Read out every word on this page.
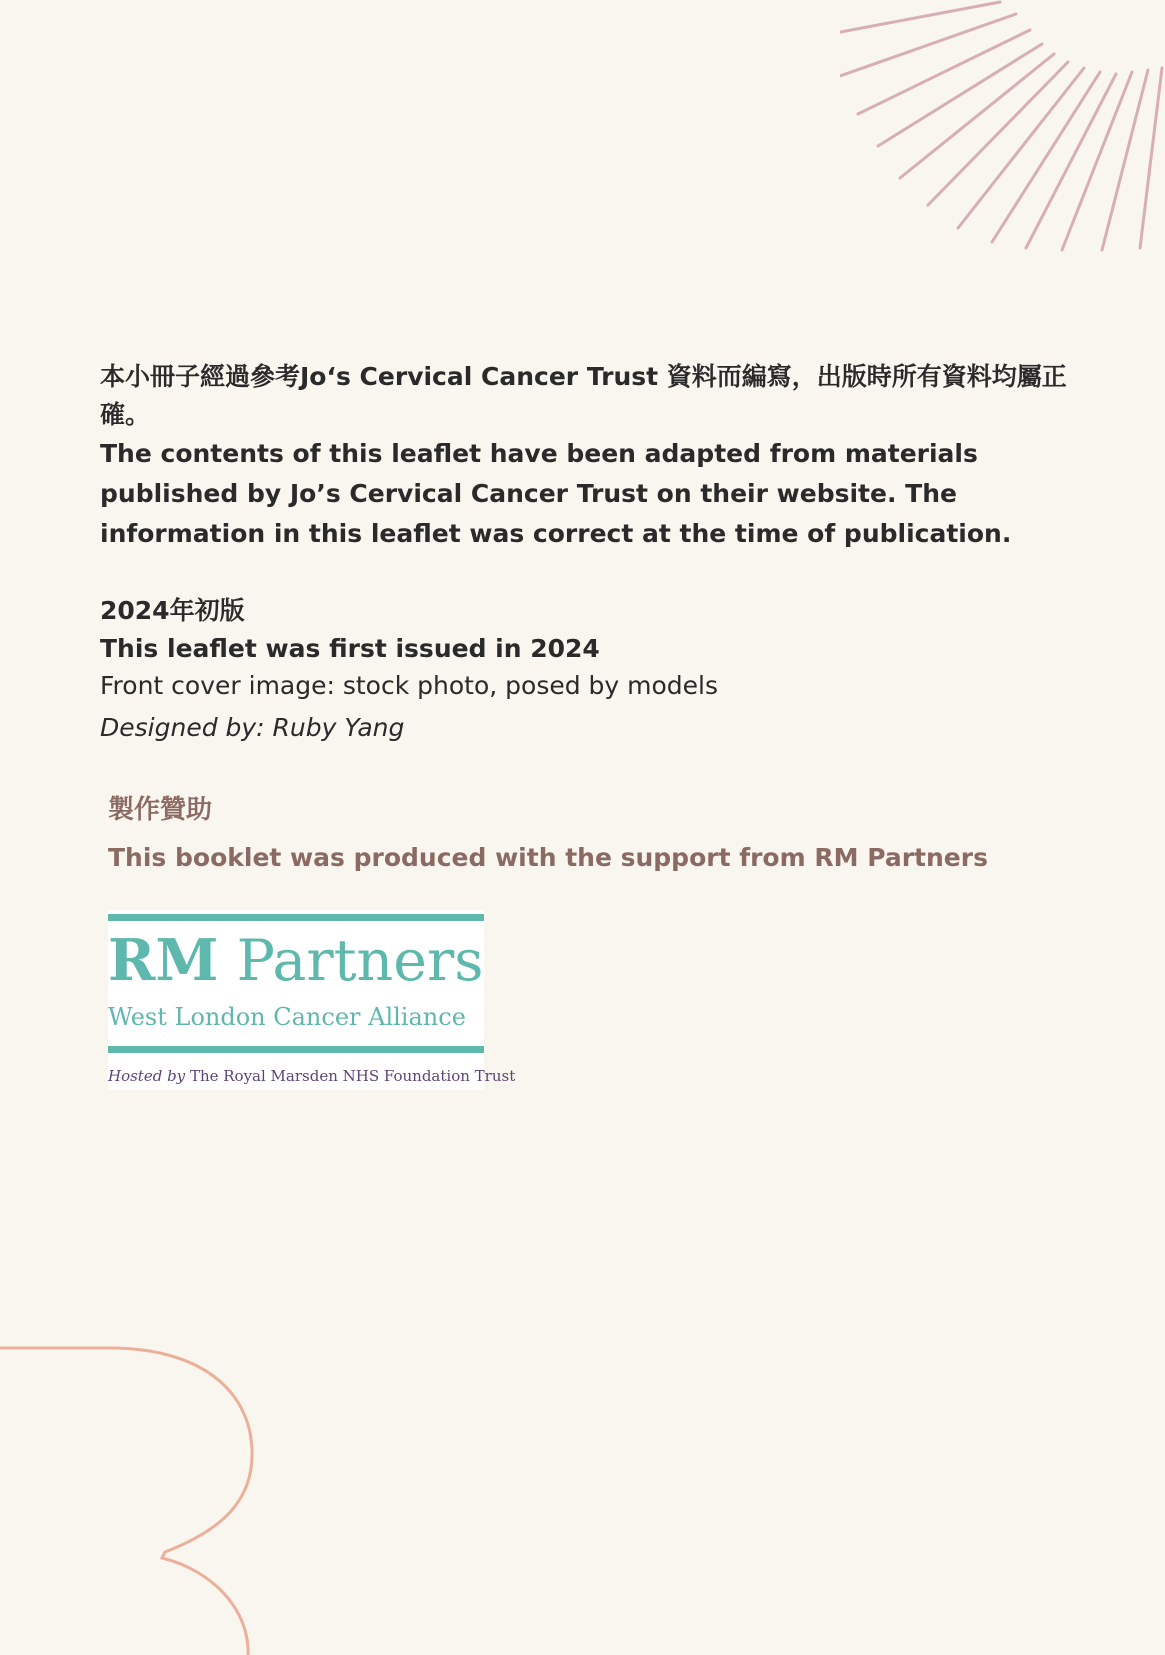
本小冊子經過參考Jo‘s Cervical Cancer Trust 資料而編寫，出版時所有資料均屬正確。

The contents of this leaflet have been adapted from materials published by Jo’s Cervical Cancer Trust on their website. The information in this leaflet was correct at the time of publication.

2024年初版

This leaflet was first issued in 2024

Front cover image: stock photo, posed by models

Designed by: Ruby Yang

製作贊助

This booklet was produced with the support from RM Partners

RM Partners
West London Cancer Alliance
Hosted by The Royal Marsden NHS Foundation Trust
